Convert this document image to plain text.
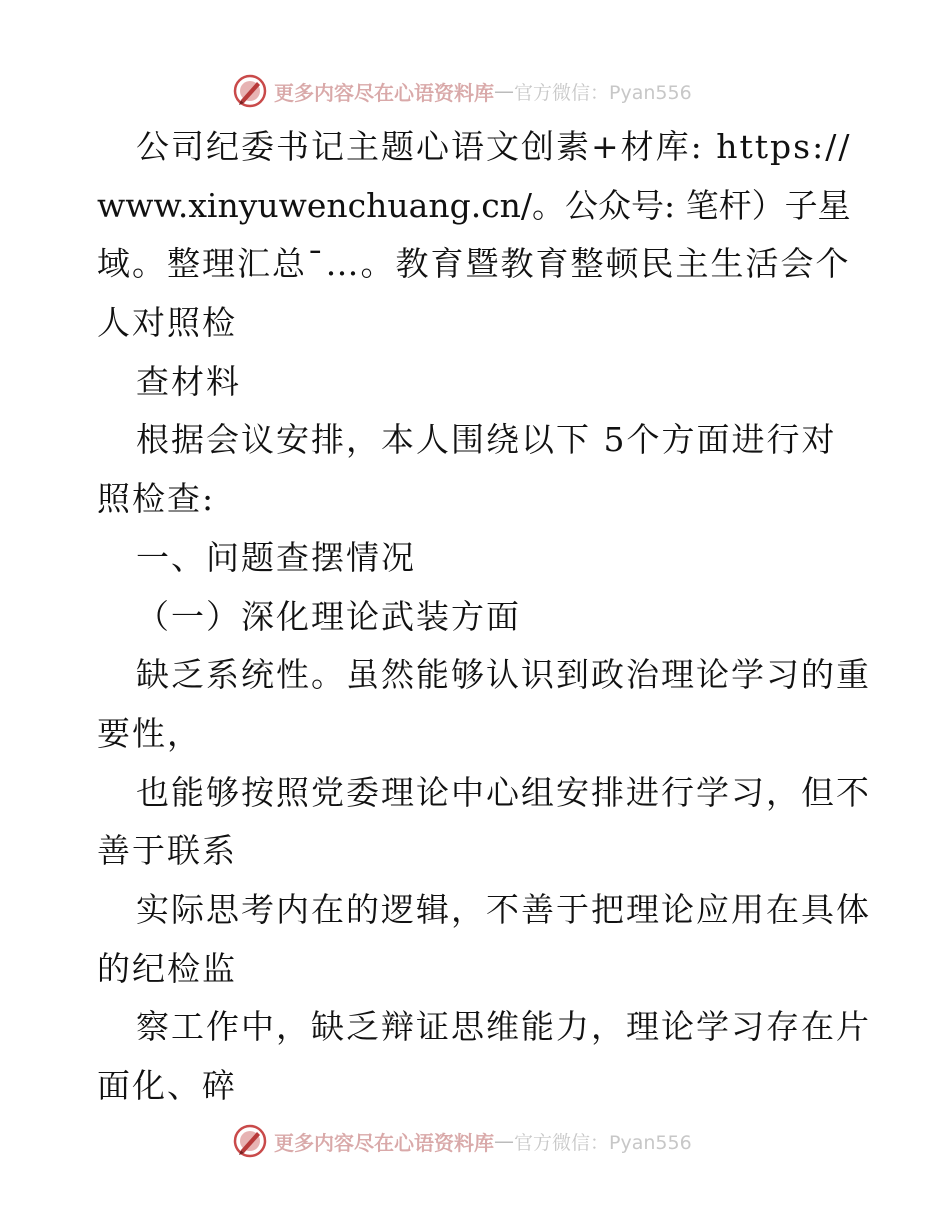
更多内容尽在心语资料库 — 官方微信：Pyan556
公司纪委书记主题心语文创素+材库: https://
www.xinyuwenchuang.cn/。公众号: 笔杆）子星
域。整理汇总¯…。教育暨教育整顿民主生活会个
人对照检
查材料
根据会议安排，本人围绕以下 5个方面进行对
照检查:
一、问题查摆情况
（一）深化理论武装方面
缺乏系统性。虽然能够认识到政治理论学习的重
要性，
也能够按照党委理论中心组安排进行学习，但不
善于联系
实际思考内在的逻辑，不善于把理论应用在具体
的纪检监
察工作中，缺乏辩证思维能力，理论学习存在片
面化、碎
更多内容尽在心语资料库 — 官方微信：Pyan556
